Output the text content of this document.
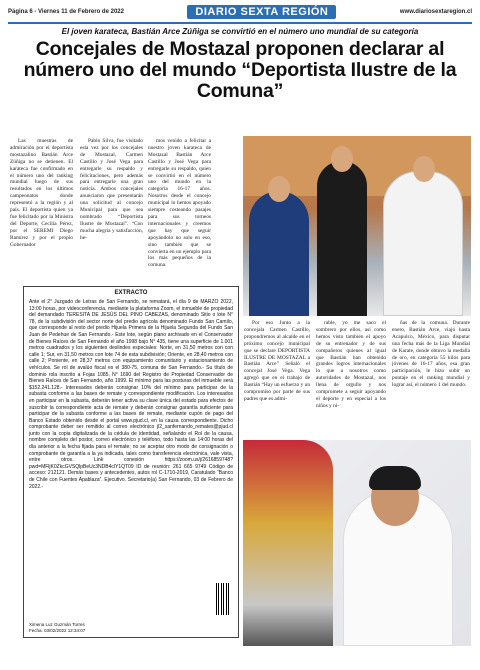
Página 6 - Viernes 11 de Febrero de 2022	DIARIO SEXTA REGIÓN	www.diariosextaregion.cl
El joven karateca, Bastián Arce Zúñiga se convirtió en el número uno mundial de su categoría
Concejales de Mostazal proponen declarar al número uno del mundo “Deportista Ilustre de la Comuna”

Las muestras de admiración por el deportista mostazalino Bastián Arce Zúñiga no se detienen. El karateca fue confirmado en el número uno del ranking mundial luego de sus resultados en los últimos campeonatos donde representó a la región y al país. El deportista quien ya fue felicitado por la Ministra del Deporte, Cecilia Pérez, por el SEREMI Diego Ramírez y por el propio Gobernador

Pablo Silva, fue visitado esta vez por los concejales de Mostazal, Carmen Castillo y José Vega para entregarle su respaldo y felicitaciones, pero además para entregarle una gran noticia. Ambos concejales anunciaron que presentarán una solicitud al concejo Municipal para que sea nombrado “Deportista Ilustre de Mostazal”. “Con mucha alegría y satisfacción, he-

mos venido a felicitar a nuestro joven karateca de Mostazal Bastián Arce Castillo y José Vega para entregarle su respaldo, quien se convirtió en el número uno del mundo en la categoría 16-17 años. Nosotros desde el concejo municipal lo hemos apoyado siempre costeando pasajes para sus torneos internacionales y creemos que hay que seguir apoyándolo no solo en eso, sino también que se convierta en un ejemplo para los más pequeños de la comuna.

EXTRACTO
Ante el 2° Juzgado de Letras de San Fernando, se rematará, el día 9 de MARZO 2022, 13:00 horas, por videoconferencia, mediante la plataforma Zoom, el inmueble de propiedad del demandado TERESITA DE JESÚS DEL PINO CABEZAS, denominado Sitio o lote N° 78, de la subdivisión del sector norte del predio agrícola denominado Fundo San Camilo, que corresponde al resto del predio Hijuela Primera de la Hijuela Segunda del Fundo San Juan de Pedehue de San Fernando.- Este lote, según plano archivado en el Conservador de Bienes Raíces de San Fernando el año 1998 bajo N° 435, tiene una superficie de 1.001 metros cuadrados y los siguientes deslindes especiales: Norte, en 31,50 metros con con calle 1; Sur, en 31,50 metros con lote 74 de esta subdivisión; Oriente, en 28,40 metros con calle 2; Poniente, en 28,37 metros con equipamiento comunitario y estacionamiento de vehículos. Se rol de avalúo fiscal es el 380-75, comuna de San Fernando.- Su título de dominio rola inscrito a Fojas 1085, N° 1690 del Registro de Propiedad Conservador de Bienes Raíces de San Fernando, año 1999. El mínimo para las posturas del inmueble será $152.241.128.- Interesados deberán consignar 10% del mínimo para participar de la subasta conforme a las bases de remate y correspondiente modificación. Los interesados en participar en la subasta, deberán tener activa su clave única del estado para efectos de suscribir la correspondiente acta de remate y deberán consignar garantía suficiente para participar de la subasta conforme a las bases de remate, mediante cupón de pago del Banco Estado obtenido desde el portal www.pjud.cl, en la causa correspondiente. Dicho comprobante deber ser remitido al correo electrónico jl2_sanfernando_remates@pjud.cl junto con la copia digitalizada de la cédula de identidad, señalando el Rol de la causa, nombre completo del postor, correo electrónico y teléfono, todo hasta las 14:00 horas del día anterior a la fecha fijada para el remate; no se aceptar otro modo de consignación o comprobante de garantía a la ya indicada, tales como transferencia electrónica, vale vista, entre otros. Link conexión https://zoom.us/j/2616859748?pwd=MFljK0ZkcGVSQlpBeUc3NDB4clY1QT09 ID de reunión: 261 665 9749 Código de acceso: 212121. Demás bases y antecedentes, autos rol C-1710-2019, Caratulado “Banco de Chile con Fuentes Apablaza”. Ejecutivo. Secretario(a) San Fernando, 03 de Febrero de 2022.-
Ximena Luz Guzmán Torres
Fecha: 03/02/2022 12:34:07

Por eso Junto a la concejala Carmen Castillo, propondremos al alcalde en el próximo concejo municipal que se declare DEPORTISTA ILUSTRE DE MOSTAZAL a Bastián Arce” Señaló el concejal José Vega. Vega agregó que en el trabajo de Bastián “Hay un esfuerzo y un compromiso por parte de sus padres que es admi-

rable, yo me saco el sombrero por ellos, así como hemos visto también el apoyo de su entrenador y de sus compañeros quienes al igual que Bastián han obtenido grandes logros internacionales lo que a nosotros como autoridades de Mostazal, nos llena de orgullo y nos compromete a seguir apoyando el deporte y en especial a los niños y ni-

ñas de la comuna. Durante enero, Bastián Arce, viajó hasta Acapulco, México, para disputar una fecha más de la Liga Mundial de Karate, donde obtuvo la medalla de oro, en categoría 55 kilos para jóvenes de 16-17 años, esa gran participación, le hizo subir un puntaje en el ranking mundial y lograr así, el número 1 del mundo.
